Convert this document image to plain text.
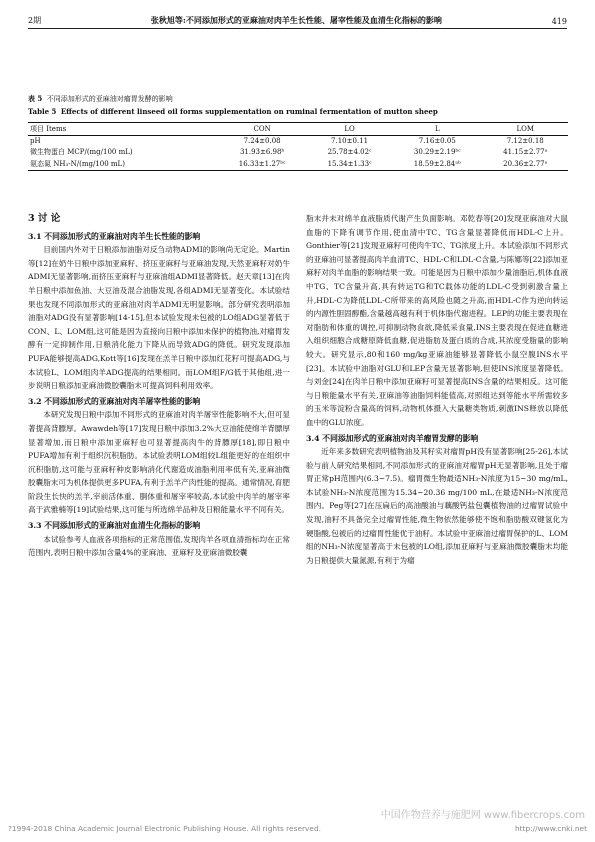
2期	张秋旭等:不同添加形式的亚麻油对肉羊生长性能、屠宰性能及血清生化指标的影响	419
表 5 不同添加形式的亚麻油对瘤胃发酵的影响
Table 5 Effects of different linseed oil forms supplementation on ruminal fermentation of mutton sheep
项目 Items	CON	LO	L	LOM
pH	7.24±0.08	7.10±0.11	7.16±0.05	7.12±0.18
微生物蛋白 MCP/(mg/100 mL)	31.93±6.98ᵇ	25.78±4.02ᶜ	30.29±2.19ᵇᶜ	41.15±2.77ᵃ
氨态氮 NH₃-N/(mg/100 mL)	16.33±1.27ᵇᶜ	15.34±1.33ᶜ	18.59±2.84ᵃᵇ	20.36±2.77ᵃ
3 讨 论
3.1 不同添加形式的亚麻油对肉羊生长性能的影响

目前国内外对于日粮添加油脂对反刍动物ADMI的影响尚无定论。Martin等[12]在奶牛日粮中添加亚麻籽、挤压亚麻籽与亚麻油发现,天然亚麻籽对奶牛ADMI无显著影响,而挤压亚麻籽与亚麻油组ADMI显著降低。赵天章[13]在肉羊日粮中添加鱼油、大豆油及混合油脂发现,各组ADMI无显著变化。本试验结果也发现不同添加形式的亚麻油对肉羊ADMI无明显影响。部分研究表明添加油脂对ADG没有显著影响[14-15],但本试验发现未包被的LO组ADG显著低于CON、L、LOM组,这可能是因为直接向日粮中添加未保护的植物油,对瘤胃发酵有一定抑制作用,日粮消化能力下降从而导致ADG的降低。研究发现添加PUFA能够提高ADG,Kott等[16]发现在羔羊日粮中添加红花籽可提高ADG,与本试验L、LOM组肉羊ADG提高的结果相同。而LOM组F/G低于其他组,进一步说明日粮添加亚麻油微胶囊脂末可提高饲料利用效率。

3.2 不同添加形式的亚麻油对肉羊屠宰性能的影响

本研究发现日粮中添加不同形式的亚麻油对肉羊屠宰性能影响不大,但可显著提高背膘厚。Awawdeh等[17]发现日粮中添加3.2%大豆油能使绵羊背膘厚显著增加,而日粮中添加亚麻籽也可显著提高肉牛的背膘厚[18],即日粮中PUFA增加有利于组织沉积脂肪。本试验表明LOM组较L组能更好的在组织中沉积脂肪,这可能与亚麻籽种皮影响消化代谢造成油脂利用率低有关,亚麻油微胶囊脂末可为机体提供更多PUFA,有利于羔羊产肉性能的提高。通常情况,育肥阶段生长快的羔羊,宰前活体重、胴体重和屠宰率较高,本试验中肉羊的屠宰率高于武雅楠等[19]试验结果,这可能与所选绵羊品种及日粮能量水平不同有关。

3.3 不同添加形式的亚麻油对血清生化指标的影响

本试验参考人血液各项指标的正常范围值,发现肉羊各项血清指标均在正常范围内,表明日粮中添加含量4%的亚麻油、亚麻籽及亚麻油微胶囊

脂末并未对绵羊血液脂质代谢产生负面影响。邓乾春等[20]发现亚麻油对大鼠血脂的下降有调节作用,使血清中TC、TG含量显著降低而HDL-C上升。Gonthier等[21]发现亚麻籽可使肉牛TC、TG浓度上升。本试验添加不同形式的亚麻油可显著提高肉羊血清TC、HDL-C和LDL-C含量,与陈娜等[22]添加亚麻籽对肉羊血脂的影响结果一致。可能是因为日粮中添加少量油脂后,机体血液中TG、TC含量升高,具有转运TG和TC载体功能的LDL-C受到刺激含量上升,HDL-C为降低LDL-C所带来的高风险也随之升高,而HDL-C作为逆向转运的内源性胆固醇酯,含量越高越有利于机体脂代谢进程。LEP的功能主要表现在对脂肪和体重的调控,可抑制动物食欲,降低采食量,INS主要表现在促进血糖进入组织细胞合成糖原降低血糖,促进脂肪及蛋白质的合成,其浓度受脂量的影响较大。研究显示,80和160 mg/kg亚麻油能够显著降低小鼠空腹INS水平[23]。本试验中油脂对GLU和LEP含量无显著影响,但使INS浓度显著降低。与刘金[24]在肉羊日粮中添加亚麻籽可显著提高INS含量的结果相反。这可能与日粮能量水平有关,亚麻油等油脂饲料能值高,对照组达到等能水平所需较多的玉米等淀粉含量高的饲料,动物机体摄入大量糖类物质,刺激INS释放以降低血中的GLU浓度。

3.4 不同添加形式的亚麻油对肉羊瘤胃发酵的影响

近年来多数研究表明植物油及其籽实对瘤胃pH没有显著影响[25-26],本试验与前人研究结果相同,不同添加形式的亚麻油对瘤胃pH无显著影响,且处于瘤胃正常pH范围内(6.3~7.5)。瘤胃微生物最适NH₃-N浓度为15~30 mg/mL,本试验NH₃-N浓度范围为15.34~20.36 mg/100 mL,在最适NH₃-N浓度范围内。Peg等[27]在压扁后的高油酸油与藕酸钙盐包囊植物油的过瘤胃试验中发现,油籽不具备完全过瘤胃性能,微生物依然能够使不饱和脂肪酸双键氢化为硬脂酸,包被后的过瘤胃性能优于油籽。本试验中亚麻油过瘤胃保护的L、LOM组的NH₃-N浓度显著高于未包被的LO组,添加亚麻籽与亚麻油微胶囊脂末均能为日粮提供大量氮源,有利于为瘤

中国作物营养与施肥网 www.fibercrops.com
?1994-2018 China Academic Journal Electronic Publishing House. All rights reserved.	http://www.cnki.net
